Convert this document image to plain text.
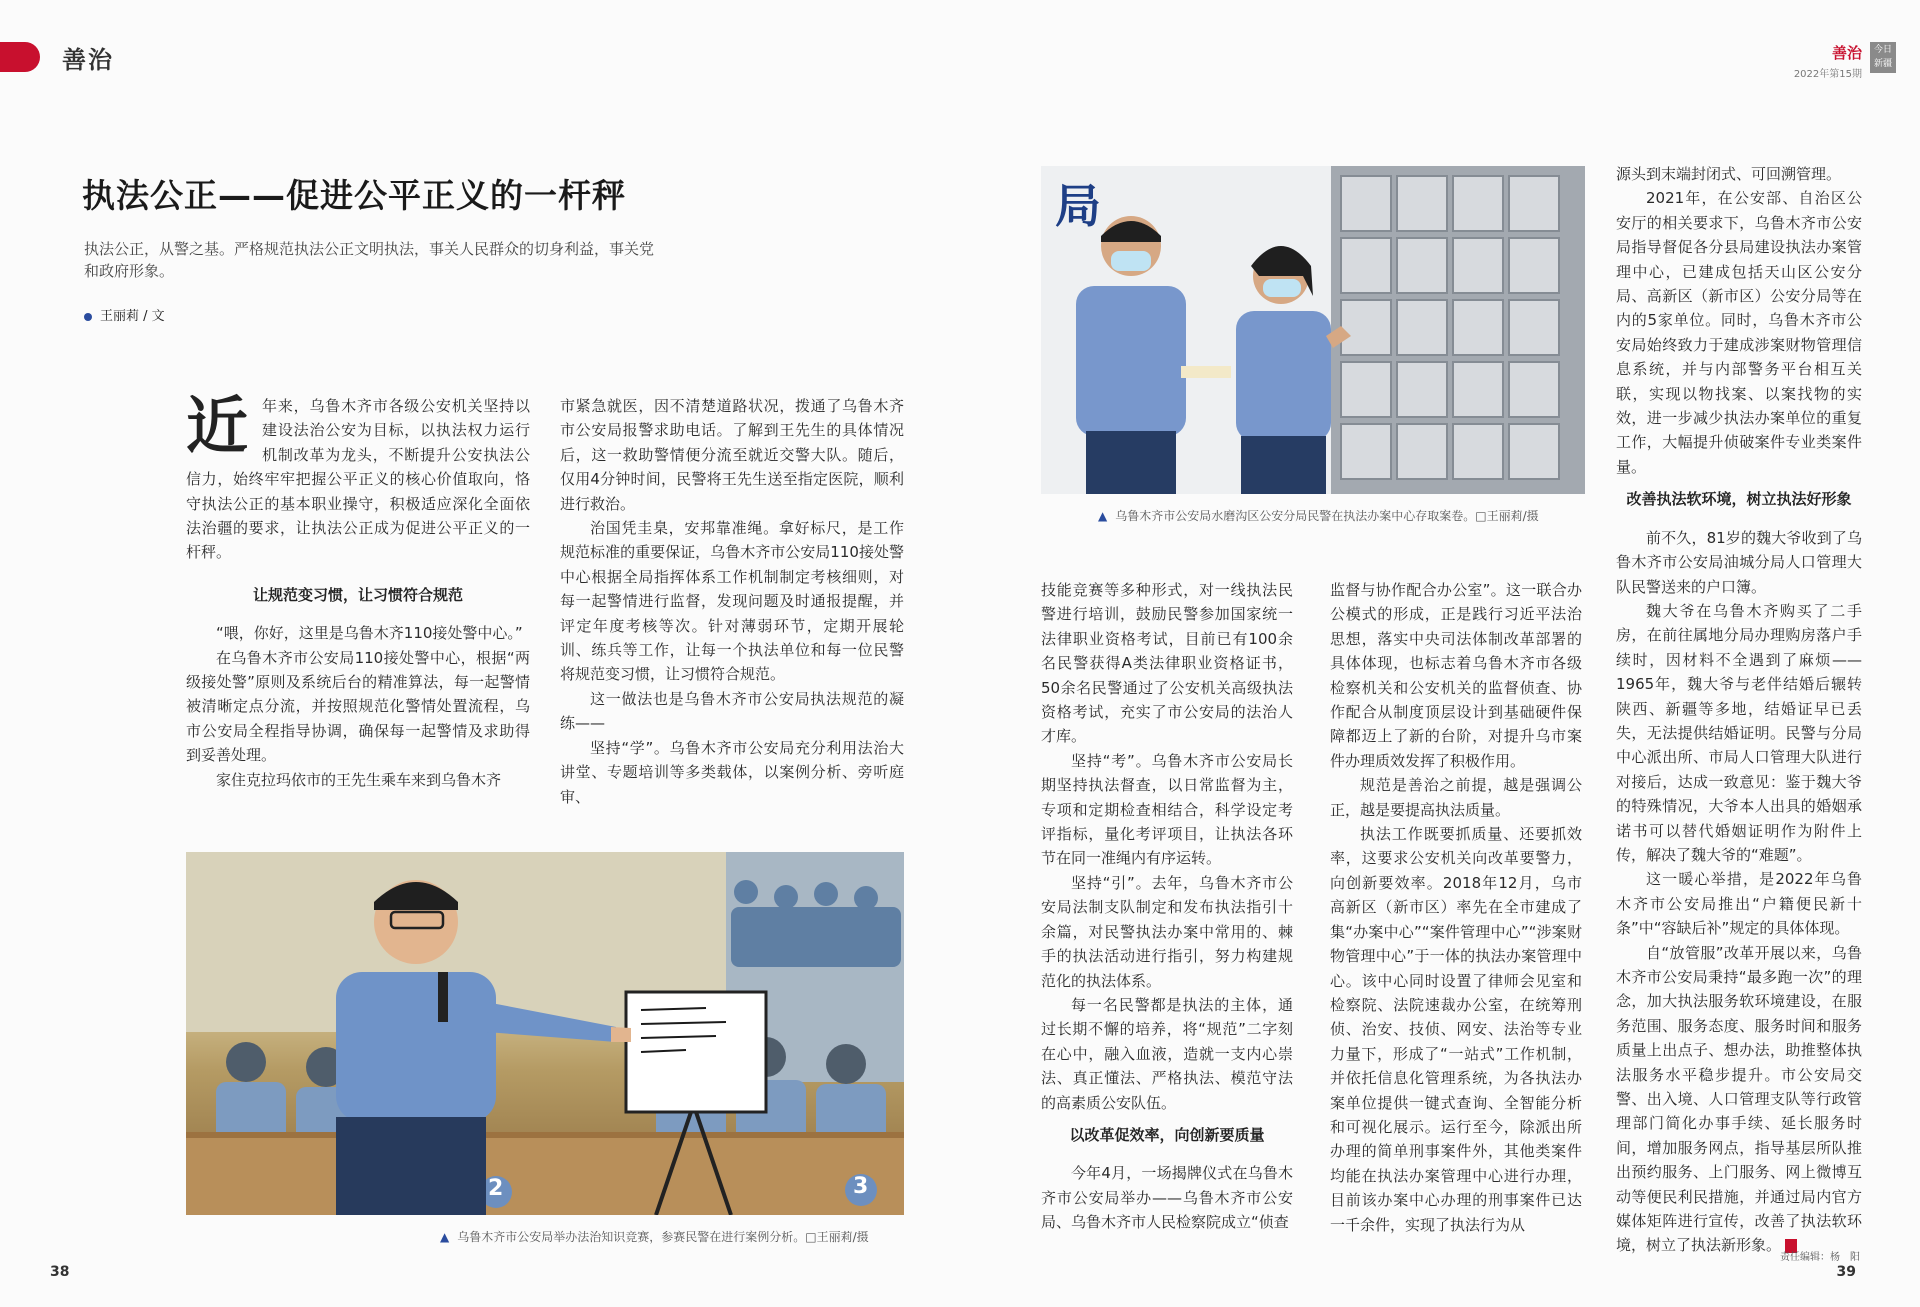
善治	善治
2022年第15期
今日 新疆
执法公正——促进公平正义的一杆秤
执法公正，从警之基。严格规范执法公正文明执法，事关人民群众的切身利益，事关党和政府形象。
王丽莉 / 文

近年来，乌鲁木齐市各级公安机关坚持以建设法治公安为目标，以执法权力运行机制改革为龙头，不断提升公安执法公信力，始终牢牢把握公平正义的核心价值取向，恪守执法公正的基本职业操守，积极适应深化全面依法治疆的要求，让执法公正成为促进公平正义的一杆秤。

让规范变习惯，让习惯符合规范

“喂，你好，这里是乌鲁木齐110接处警中心。”

在乌鲁木齐市公安局110接处警中心，根据“两级接处警”原则及系统后台的精准算法，每一起警情被清晰定点分流，并按照规范化警情处置流程，乌市公安局全程指导协调，确保每一起警情及求助得到妥善处理。

家住克拉玛依市的王先生乘车来到乌鲁木齐

市紧急就医，因不清楚道路状况，拨通了乌鲁木齐市公安局报警求助电话。了解到王先生的具体情况后，这一救助警情便分流至就近交警大队。随后，仅用4分钟时间，民警将王先生送至指定医院，顺利进行救治。

治国凭圭臬，安邦靠准绳。拿好标尺，是工作规范标准的重要保证，乌鲁木齐市公安局110接处警中心根据全局指挥体系工作机制制定考核细则，对每一起警情进行监督，发现问题及时通报提醒，并评定年度考核等次。针对薄弱环节，定期开展轮训、练兵等工作，让每一个执法单位和每一位民警将规范变习惯，让习惯符合规范。

这一做法也是乌鲁木齐市公安局执法规范的凝练——

坚持“学”。乌鲁木齐市公安局充分利用法治大讲堂、专题培训等多类载体，以案例分析、旁听庭审、

2	3
▲ 乌鲁木齐市公安局举办法治知识竞赛，参赛民警在进行案例分析。□王丽莉/摄
局
▲ 乌鲁木齐市公安局水磨沟区公安分局民警在执法办案中心存取案卷。□王丽莉/摄

技能竞赛等多种形式，对一线执法民警进行培训，鼓励民警参加国家统一法律职业资格考试，目前已有100余名民警获得A类法律职业资格证书，50余名民警通过了公安机关高级执法资格考试，充实了市公安局的法治人才库。

坚持“考”。乌鲁木齐市公安局长期坚持执法督查，以日常监督为主，专项和定期检查相结合，科学设定考评指标，量化考评项目，让执法各环节在同一准绳内有序运转。

坚持“引”。去年，乌鲁木齐市公安局法制支队制定和发布执法指引十余篇，对民警执法办案中常用的、棘手的执法活动进行指引，努力构建规范化的执法体系。

每一名民警都是执法的主体，通过长期不懈的培养，将“规范”二字刻在心中，融入血液，造就一支内心崇法、真正懂法、严格执法、模范守法的高素质公安队伍。

以改革促效率，向创新要质量

今年4月，一场揭牌仪式在乌鲁木齐市公安局举办——乌鲁木齐市公安局、乌鲁木齐市人民检察院成立“侦查

监督与协作配合办公室”。这一联合办公模式的形成，正是践行习近平法治思想，落实中央司法体制改革部署的具体体现，也标志着乌鲁木齐市各级检察机关和公安机关的监督侦查、协作配合从制度顶层设计到基础硬件保障都迈上了新的台阶，对提升乌市案件办理质效发挥了积极作用。

规范是善治之前提，越是强调公正，越是要提高执法质量。

执法工作既要抓质量、还要抓效率，这要求公安机关向改革要警力，向创新要效率。2018年12月，乌市高新区（新市区）率先在全市建成了集“办案中心”“案件管理中心”“涉案财物管理中心”于一体的执法办案管理中心。该中心同时设置了律师会见室和检察院、法院速裁办公室，在统筹刑侦、治安、技侦、网安、法治等专业力量下，形成了“一站式”工作机制，并依托信息化管理系统，为各执法办案单位提供一键式查询、全智能分析和可视化展示。运行至今，除派出所办理的简单刑事案件外，其他类案件均能在执法办案管理中心进行办理，目前该办案中心办理的刑事案件已达一千余件，实现了执法行为从

源头到末端封闭式、可回溯管理。

2021年，在公安部、自治区公安厅的相关要求下，乌鲁木齐市公安局指导督促各分县局建设执法办案管理中心，已建成包括天山区公安分局、高新区（新市区）公安分局等在内的5家单位。同时，乌鲁木齐市公安局始终致力于建成涉案财物管理信息系统，并与内部警务平台相互关联，实现以物找案、以案找物的实效，进一步减少执法办案单位的重复工作，大幅提升侦破案件专业类案件量。

改善执法软环境，树立执法好形象

前不久，81岁的魏大爷收到了乌鲁木齐市公安局油城分局人口管理大队民警送来的户口簿。

魏大爷在乌鲁木齐购买了二手房，在前往属地分局办理购房落户手续时，因材料不全遇到了麻烦——1965年，魏大爷与老伴结婚后辗转陕西、新疆等多地，结婚证早已丢失，无法提供结婚证明。民警与分局中心派出所、市局人口管理大队进行对接后，达成一致意见：鉴于魏大爷的特殊情况，大爷本人出具的婚姻承诺书可以替代婚姻证明作为附件上传，解决了魏大爷的“难题”。

这一暖心举措，是2022年乌鲁木齐市公安局推出“户籍便民新十条”中“容缺后补”规定的具体体现。

自“放管服”改革开展以来，乌鲁木齐市公安局秉持“最多跑一次”的理念，加大执法服务软环境建设，在服务范围、服务态度、服务时间和服务质量上出点子、想办法，助推整体执法服务水平稳步提升。市公安局交警、出入境、人口管理支队等行政管理部门简化办事手续、延长服务时间，增加服务网点，指导基层所队推出预约服务、上门服务、网上微博互动等便民利民措施，并通过局内官方媒体矩阵进行宣传，改善了执法软环境，树立了执法新形象。

38	39
责任编辑：杨　阳
